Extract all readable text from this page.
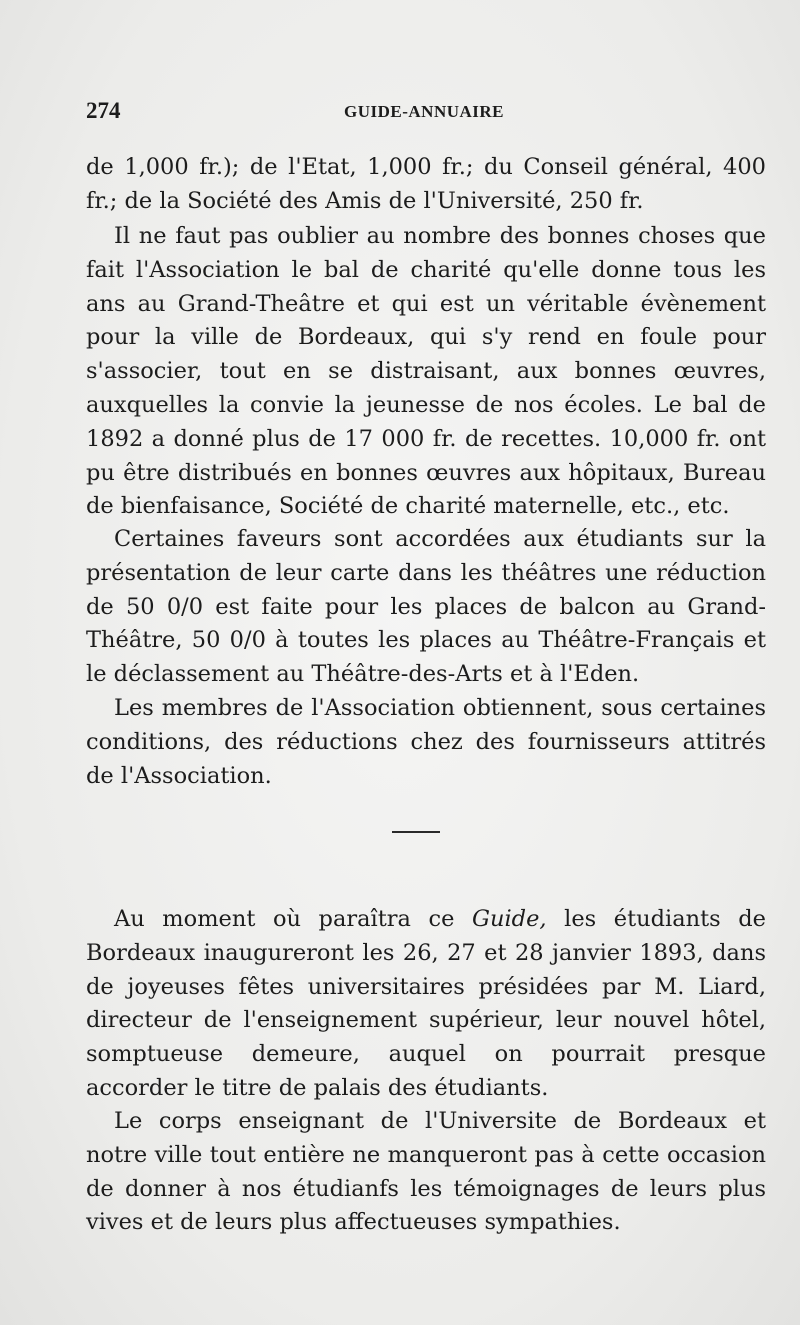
274	GUIDE-ANNUAIRE

de 1,000 fr.); de l'Etat, 1,000 fr.; du Conseil général, 400 fr.; de la Société des Amis de l'Université, 250 fr.

Il ne faut pas oublier au nombre des bonnes choses que fait l'Association le bal de charité qu'elle donne tous les ans au Grand-Theâtre et qui est un véritable évènement pour la ville de Bordeaux, qui s'y rend en foule pour s'associer, tout en se distraisant, aux bonnes œuvres, auxquelles la convie la jeunesse de nos écoles. Le bal de 1892 a donné plus de 17 000 fr. de recettes. 10,000 fr. ont pu être distribués en bonnes œuvres aux hôpitaux, Bureau de bienfaisance, Société de charité maternelle, etc., etc.

Certaines faveurs sont accordées aux étudiants sur la présentation de leur carte dans les théâtres une réduction de 50 0/0 est faite pour les places de balcon au Grand-Théâtre, 50 0/0 à toutes les places au Théâtre-Français et le déclassement au Théâtre-des-Arts et à l'Eden.

Les membres de l'Association obtiennent, sous certaines conditions, des réductions chez des fournisseurs attitrés de l'Association.

Au moment où paraîtra ce Guide, les étudiants de Bordeaux inaugureront les 26, 27 et 28 janvier 1893, dans de joyeuses fêtes universitaires présidées par M. Liard, directeur de l'enseignement supérieur, leur nouvel hôtel, somptueuse demeure, auquel on pourrait presque accorder le titre de palais des étudiants.

Le corps enseignant de l'Universite de Bordeaux et notre ville tout entière ne manqueront pas à cette occasion de donner à nos étudianfs les témoignages de leurs plus vives et de leurs plus affectueuses sympathies.
